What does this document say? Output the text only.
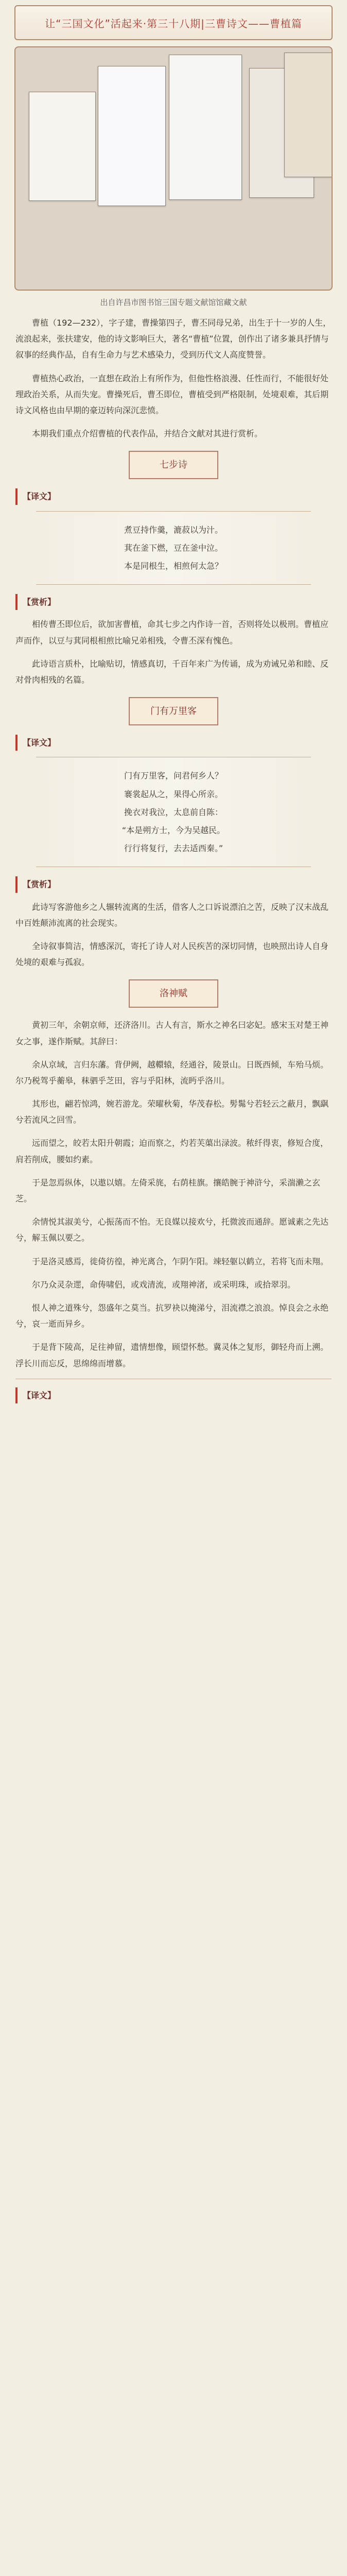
让“三国文化”活起来·第三十八期|三曹诗文——曹植篇
出自许昌市图书馆三国专题文献馆馆藏文献

曹植（192—232），字子建，曹操第四子，曹丕同母兄弟，出生于十一岁的人生，流浪起来，张扶建安，他的诗文影响巨大，著名“曹植”位置，创作出了诸多兼具抒情与叙事的经典作品，自有生命力与艺术感染力，受到历代文人高度赞誉。

曹植热心政治，一直想在政治上有所作为，但他性格浪漫、任性而行，不能很好处理政治关系，从而失宠。曹操死后，曹丕即位，曹植受到严格限制，处境艰难，其后期诗文风格也由早期的豪迈转向深沉悲愤。

本期我们重点介绍曹植的代表作品，并结合文献对其进行赏析。

七步诗
【译文】
煮豆持作羹，漉菽以为汁。
萁在釜下燃，豆在釜中泣。
本是同根生，相煎何太急？
【赏析】

相传曹丕即位后，欲加害曹植，命其七步之内作诗一首，否则将处以极刑。曹植应声而作，以豆与萁同根相煎比喻兄弟相残，令曹丕深有愧色。

此诗语言质朴，比喻贴切，情感真切，千百年来广为传诵，成为劝诫兄弟和睦、反对骨肉相残的名篇。

门有万里客
【译文】
门有万里客，问君何乡人？
褰裳起从之，果得心所亲。
挽衣对我泣，太息前自陈：
“本是朔方士，今为吴越民。
行行将复行，去去适西秦。”
【赏析】

此诗写客游他乡之人辗转流离的生活，借客人之口诉说漂泊之苦，反映了汉末战乱中百姓颠沛流离的社会现实。

全诗叙事简洁，情感深沉，寄托了诗人对人民疾苦的深切同情，也映照出诗人自身处境的艰难与孤寂。

洛神赋

黄初三年，余朝京师，还济洛川。古人有言，斯水之神名曰宓妃。感宋玉对楚王神女之事，遂作斯赋。其辞曰：

余从京域，言归东藩。背伊阙，越轘辕，经通谷，陵景山。日既西倾，车殆马烦。尔乃税驾乎蘅皋，秣驷乎芝田，容与乎阳林，流眄乎洛川。

其形也，翩若惊鸿，婉若游龙。荣曜秋菊，华茂春松。髣髴兮若轻云之蔽月，飘飖兮若流风之回雪。

远而望之，皎若太阳升朝霞；迫而察之，灼若芙蕖出渌波。秾纤得衷，修短合度，肩若削成，腰如约素。

于是忽焉纵体，以遨以嬉。左倚采旄，右荫桂旗。攘皓腕于神浒兮，采湍濑之玄芝。

余情悦其淑美兮，心振荡而不怡。无良媒以接欢兮，托微波而通辞。愿诚素之先达兮，解玉佩以要之。

于是洛灵感焉，徙倚彷徨，神光离合，乍阴乍阳。竦轻躯以鹤立，若将飞而未翔。

尔乃众灵杂遝，命俦啸侣，或戏清流，或翔神渚，或采明珠，或拾翠羽。

恨人神之道殊兮，怨盛年之莫当。抗罗袂以掩涕兮，泪流襟之浪浪。悼良会之永绝兮，哀一逝而异乡。

于是背下陵高，足往神留，遗情想像，顾望怀愁。冀灵体之复形，御轻舟而上溯。浮长川而忘反，思绵绵而增慕。

【译文】
